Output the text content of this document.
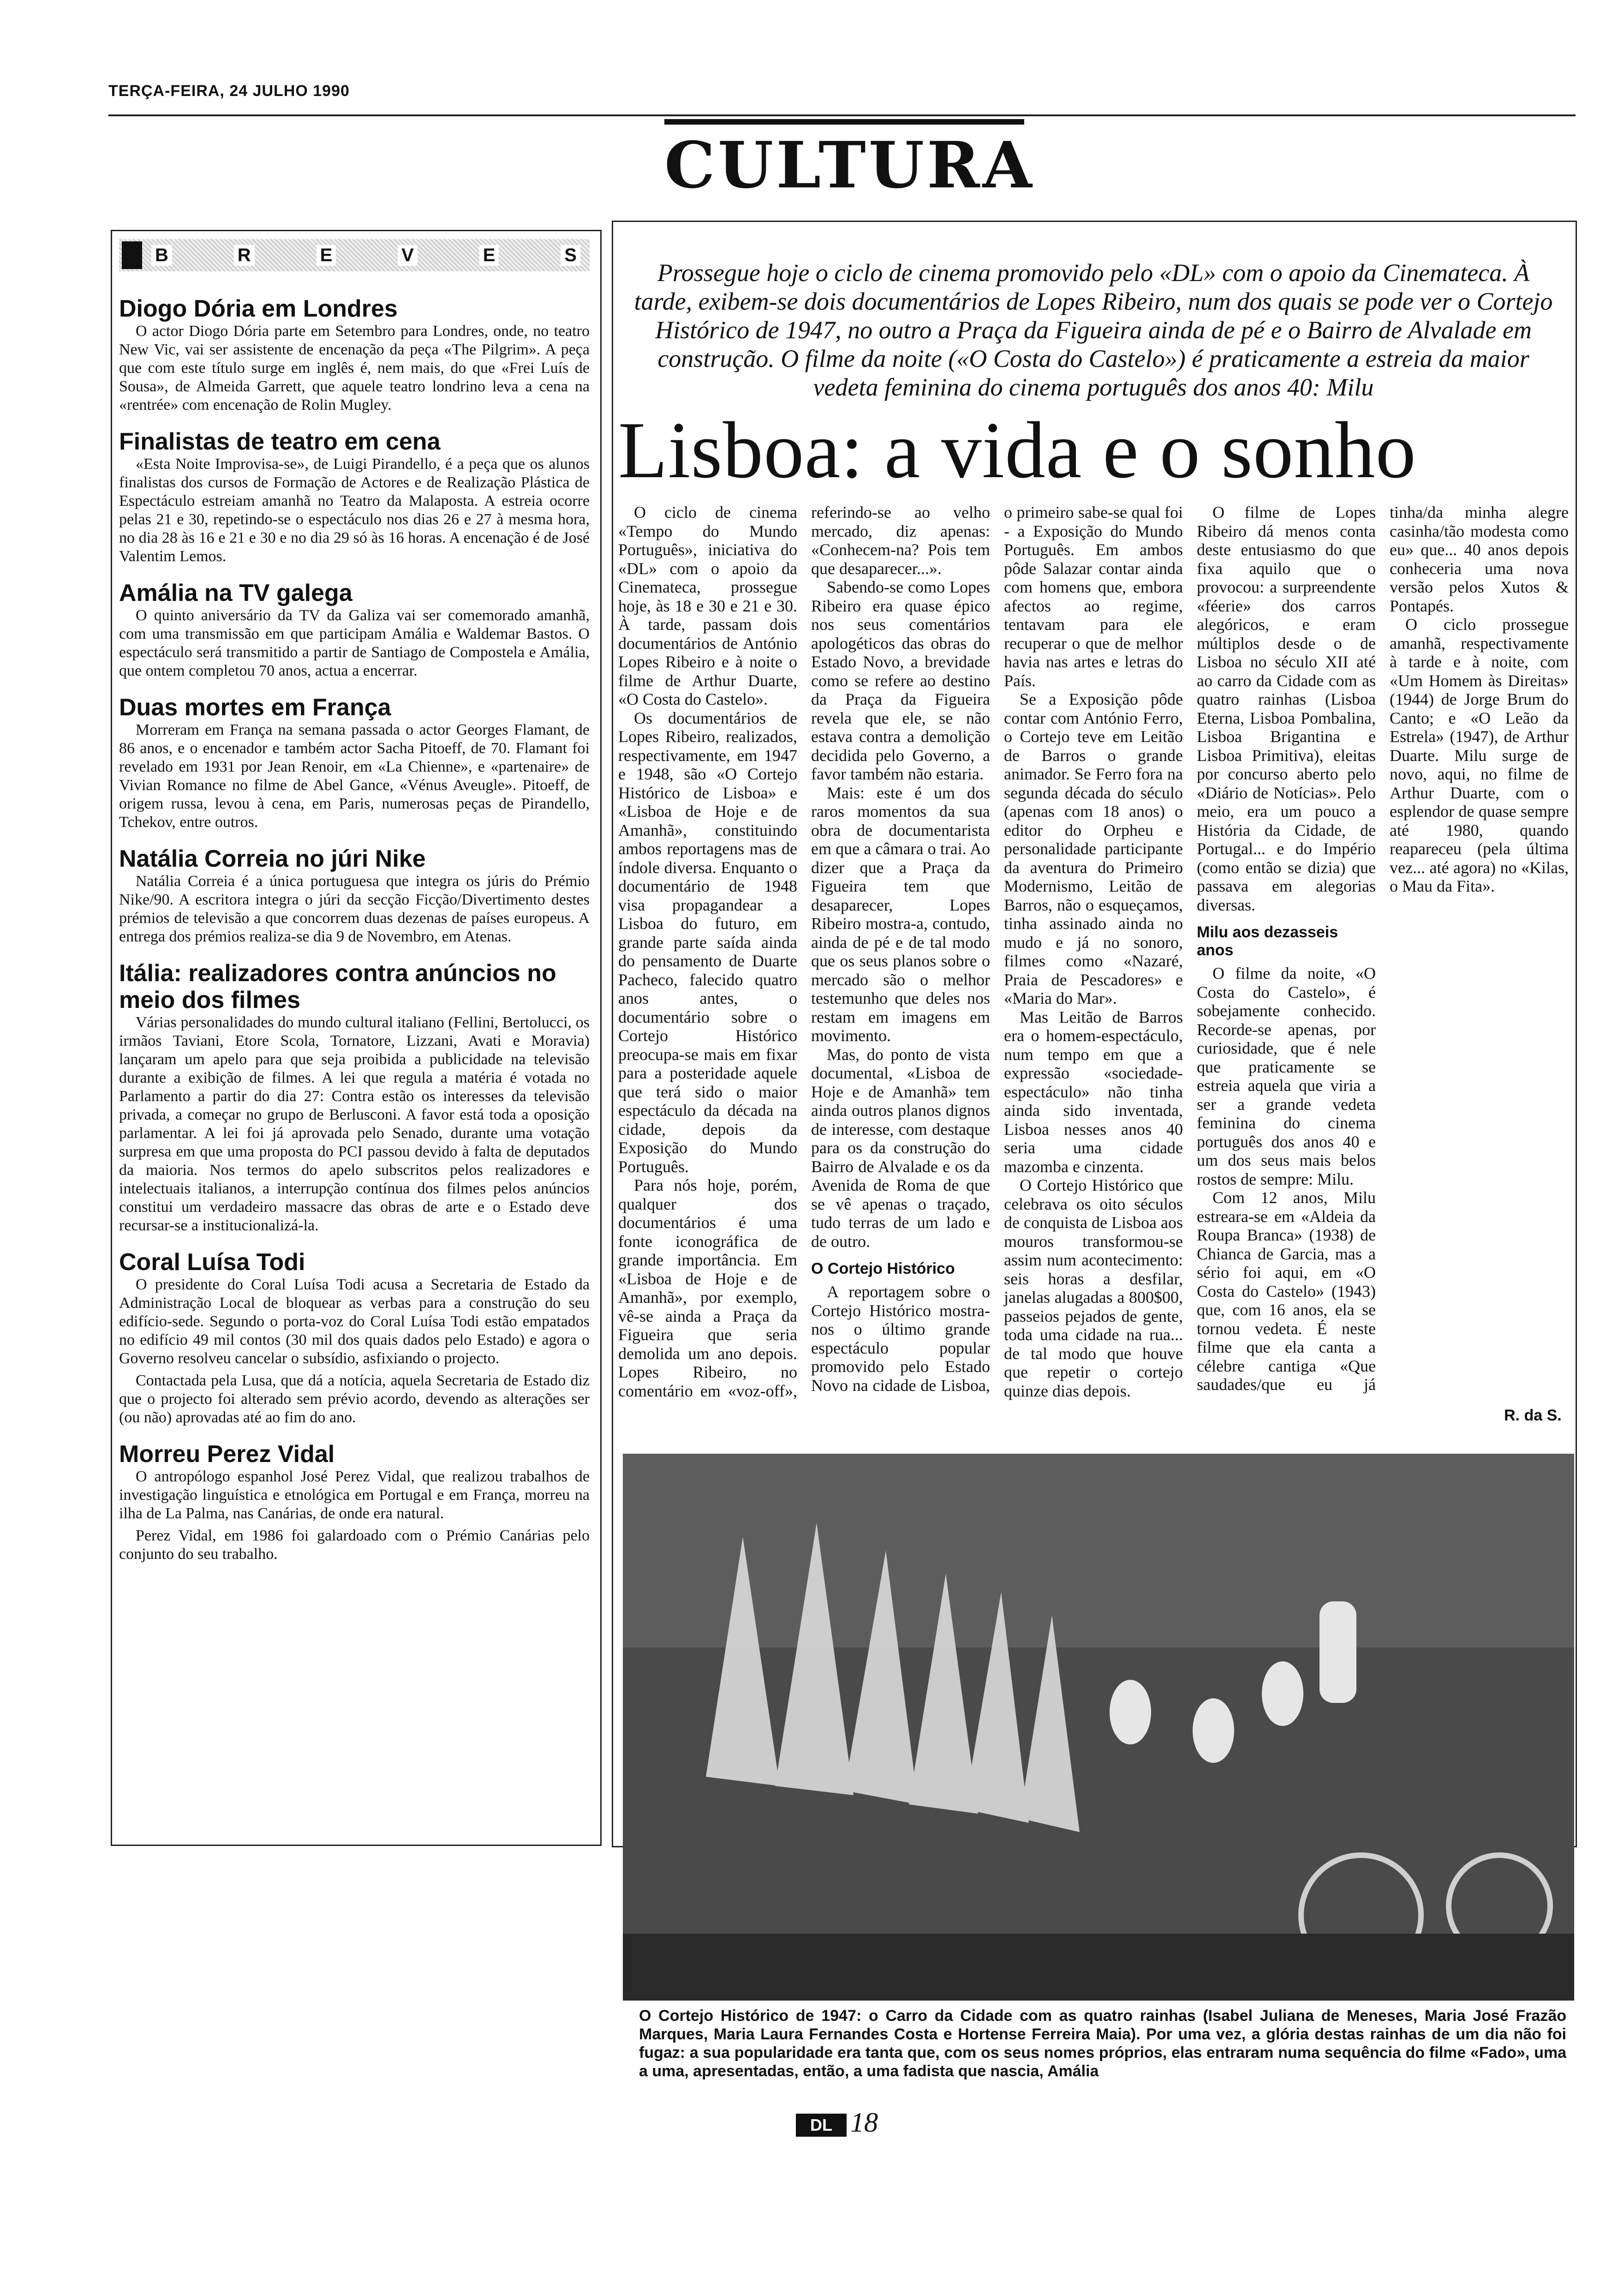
TERÇA-FEIRA, 24 JULHO 1990
CULTURA
B	R	E	V	E	S
Diogo Dória em Londres

O actor Diogo Dória parte em Setembro para Londres, onde, no teatro New Vic, vai ser assistente de encenação da peça «The Pilgrim». A peça que com este título surge em inglês é, nem mais, do que «Frei Luís de Sousa», de Almeida Garrett, que aquele teatro londrino leva a cena na «rentrée» com encenação de Rolin Mugley.

Finalistas de teatro em cena

«Esta Noite Improvisa-se», de Luigi Pirandello, é a peça que os alunos finalistas dos cursos de Formação de Actores e de Realização Plástica de Espectáculo estreiam amanhã no Teatro da Malaposta. A estreia ocorre pelas 21 e 30, repetindo-se o espectáculo nos dias 26 e 27 à mesma hora, no dia 28 às 16 e 21 e 30 e no dia 29 só às 16 horas. A encenação é de José Valentim Lemos.

Amália na TV galega

O quinto aniversário da TV da Galiza vai ser comemorado amanhã, com uma transmissão em que participam Amália e Waldemar Bastos. O espectáculo será transmitido a partir de Santiago de Compostela e Amália, que ontem completou 70 anos, actua a encerrar.

Duas mortes em França

Morreram em França na semana passada o actor Georges Flamant, de 86 anos, e o encenador e também actor Sacha Pitoeff, de 70. Flamant foi revelado em 1931 por Jean Renoir, em «La Chienne», e «partenaire» de Vivian Romance no filme de Abel Gance, «Vénus Aveugle». Pitoeff, de origem russa, levou à cena, em Paris, numerosas peças de Pirandello, Tchekov, entre outros.

Natália Correia no júri Nike

Natália Correia é a única portuguesa que integra os júris do Prémio Nike/90. A escritora integra o júri da secção Ficção/Divertimento destes prémios de televisão a que concorrem duas dezenas de países europeus. A entrega dos prémios realiza-se dia 9 de Novembro, em Atenas.

Itália: realizadores contra anúncios no meio dos filmes

Várias personalidades do mundo cultural italiano (Fellini, Bertolucci, os irmãos Taviani, Etore Scola, Tornatore, Lizzani, Avati e Moravia) lançaram um apelo para que seja proibida a publicidade na televisão durante a exibição de filmes. A lei que regula a matéria é votada no Parlamento a partir do dia 27: Contra estão os interesses da televisão privada, a começar no grupo de Berlusconi. A favor está toda a oposição parlamentar. A lei foi já aprovada pelo Senado, durante uma votação surpresa em que uma proposta do PCI passou devido à falta de deputados da maioria. Nos termos do apelo subscritos pelos realizadores e intelectuais italianos, a interrupção contínua dos filmes pelos anúncios constitui um verdadeiro massacre das obras de arte e o Estado deve recursar-se a institucionalizá-la.

Coral Luísa Todi

O presidente do Coral Luísa Todi acusa a Secretaria de Estado da Administração Local de bloquear as verbas para a construção do seu edifício-sede. Segundo o porta-voz do Coral Luísa Todi estão empatados no edifício 49 mil contos (30 mil dos quais dados pelo Estado) e agora o Governo resolveu cancelar o subsídio, asfixiando o projecto.

Contactada pela Lusa, que dá a notícia, aquela Secretaria de Estado diz que o projecto foi alterado sem prévio acordo, devendo as alterações ser (ou não) aprovadas até ao fim do ano.

Morreu Perez Vidal

O antropólogo espanhol José Perez Vidal, que realizou trabalhos de investigação linguística e etnológica em Portugal e em França, morreu na ilha de La Palma, nas Canárias, de onde era natural.

Perez Vidal, em 1986 foi galardoado com o Prémio Canárias pelo conjunto do seu trabalho.

Prossegue hoje o ciclo de cinema promovido pelo «DL» com o apoio da Cinemateca. À tarde, exibem-se dois documentários de Lopes Ribeiro, num dos quais se pode ver o Cortejo Histórico de 1947, no outro a Praça da Figueira ainda de pé e o Bairro de Alvalade em construção. O filme da noite («O Costa do Castelo») é praticamente a estreia da maior vedeta feminina do cinema português dos anos 40: Milu
Lisboa: a vida e o sonho

O ciclo de cinema «Tempo do Mundo Português», iniciativa do «DL» com o apoio da Cinemateca, prossegue hoje, às 18 e 30 e 21 e 30. À tarde, passam dois documentários de António Lopes Ribeiro e à noite o filme de Arthur Duarte, «O Costa do Castelo».

Os documentários de Lopes Ribeiro, realizados, respectivamente, em 1947 e 1948, são «O Cortejo Histórico de Lisboa» e «Lisboa de Hoje e de Amanhã», constituindo ambos reportagens mas de índole diversa. Enquanto o documentário de 1948 visa propagandear a Lisboa do futuro, em grande parte saída ainda do pensamento de Duarte Pacheco, falecido quatro anos antes, o documentário sobre o Cortejo Histórico preocupa-se mais em fixar para a posteridade aquele que terá sido o maior espectáculo da década na cidade, depois da Exposição do Mundo Português.

Para nós hoje, porém, qualquer dos documentários é uma fonte iconográfica de grande importância. Em «Lisboa de Hoje e de Amanhã», por exemplo, vê-se ainda a Praça da Figueira que seria demolida um ano depois. Lopes Ribeiro, no comentário em «voz-off», referindo-se ao velho mercado, diz apenas: «Conhecem-na? Pois tem que desaparecer...».

Sabendo-se como Lopes Ribeiro era quase épico nos seus comentários apologéticos das obras do Estado Novo, a brevidade como se refere ao destino da Praça da Figueira revela que ele, se não estava contra a demolição decidida pelo Governo, a favor também não estaria.

Mais: este é um dos raros momentos da sua obra de documentarista em que a câmara o trai. Ao dizer que a Praça da Figueira tem que desaparecer, Lopes Ribeiro mostra-a, contudo, ainda de pé e de tal modo que os seus planos sobre o mercado são o melhor testemunho que deles nos restam em imagens em movimento.

Mas, do ponto de vista documental, «Lisboa de Hoje e de Amanhã» tem ainda outros planos dignos de interesse, com destaque para os da construção do Bairro de Alvalade e os da Avenida de Roma de que se vê apenas o traçado, tudo terras de um lado e de outro.

O Cortejo Histórico

A reportagem sobre o Cortejo Histórico mostra-nos o último grande espectáculo popular promovido pelo Estado Novo na cidade de Lisboa, o primeiro sabe-se qual foi - a Exposição do Mundo Português. Em ambos pôde Salazar contar ainda com homens que, embora afectos ao regime, tentavam para ele recuperar o que de melhor havia nas artes e letras do País.

Se a Exposição pôde contar com António Ferro, o Cortejo teve em Leitão de Barros o grande animador. Se Ferro fora na segunda década do século (apenas com 18 anos) o editor do Orpheu e personalidade participante da aventura do Primeiro Modernismo, Leitão de Barros, não o esqueçamos, tinha assinado ainda no mudo e já no sonoro, filmes como «Nazaré, Praia de Pescadores» e «Maria do Mar».

Mas Leitão de Barros era o homem-espectáculo, num tempo em que a expressão «sociedade-espectáculo» não tinha ainda sido inventada, Lisboa nesses anos 40 seria uma cidade mazomba e cinzenta.

O Cortejo Histórico que celebrava os oito séculos de conquista de Lisboa aos mouros transformou-se assim num acontecimento: seis horas a desfilar, janelas alugadas a 800$00, passeios pejados de gente, toda uma cidade na rua... de tal modo que houve que repetir o cortejo quinze dias depois.

O filme de Lopes Ribeiro dá menos conta deste entusiasmo do que fixa aquilo que o provocou: a surpreendente «féerie» dos carros alegóricos, e eram múltiplos desde o de Lisboa no século XII até ao carro da Cidade com as quatro rainhas (Lisboa Eterna, Lisboa Pombalina, Lisboa Brigantina e Lisboa Primitiva), eleitas por concurso aberto pelo «Diário de Notícias». Pelo meio, era um pouco a História da Cidade, de Portugal... e do Império (como então se dizia) que passava em alegorias diversas.

Milu aos dezasseis anos

O filme da noite, «O Costa do Castelo», é sobejamente conhecido. Recorde-se apenas, por curiosidade, que é nele que praticamente se estreia aquela que viria a ser a grande vedeta feminina do cinema português dos anos 40 e um dos seus mais belos rostos de sempre: Milu.

Com 12 anos, Milu estreara-se em «Aldeia da Roupa Branca» (1938) de Chianca de Garcia, mas a sério foi aqui, em «O Costa do Castelo» (1943) que, com 16 anos, ela se tornou vedeta. É neste filme que ela canta a célebre cantiga «Que saudades/que eu já tinha/da minha alegre casinha/tão modesta como eu» que... 40 anos depois conheceria uma nova versão pelos Xutos & Pontapés.

O ciclo prossegue amanhã, respectivamente à tarde e à noite, com «Um Homem às Direitas» (1944) de Jorge Brum do Canto; e «O Leão da Estrela» (1947), de Arthur Duarte. Milu surge de novo, aqui, no filme de Arthur Duarte, com o esplendor de quase sempre até 1980, quando reapareceu (pela última vez... até agora) no «Kilas, o Mau da Fita».

R. da S.
O Cortejo Histórico de 1947: o Carro da Cidade com as quatro rainhas (Isabel Juliana de Meneses, Maria José Frazão Marques, Maria Laura Fernandes Costa e Hortense Ferreira Maia). Por uma vez, a glória destas rainhas de um dia não foi fugaz: a sua popularidade era tanta que, com os seus nomes próprios, elas entraram numa sequência do filme «Fado», uma a uma, apresentadas, então, a uma fadista que nascia, Amália
DL 18
